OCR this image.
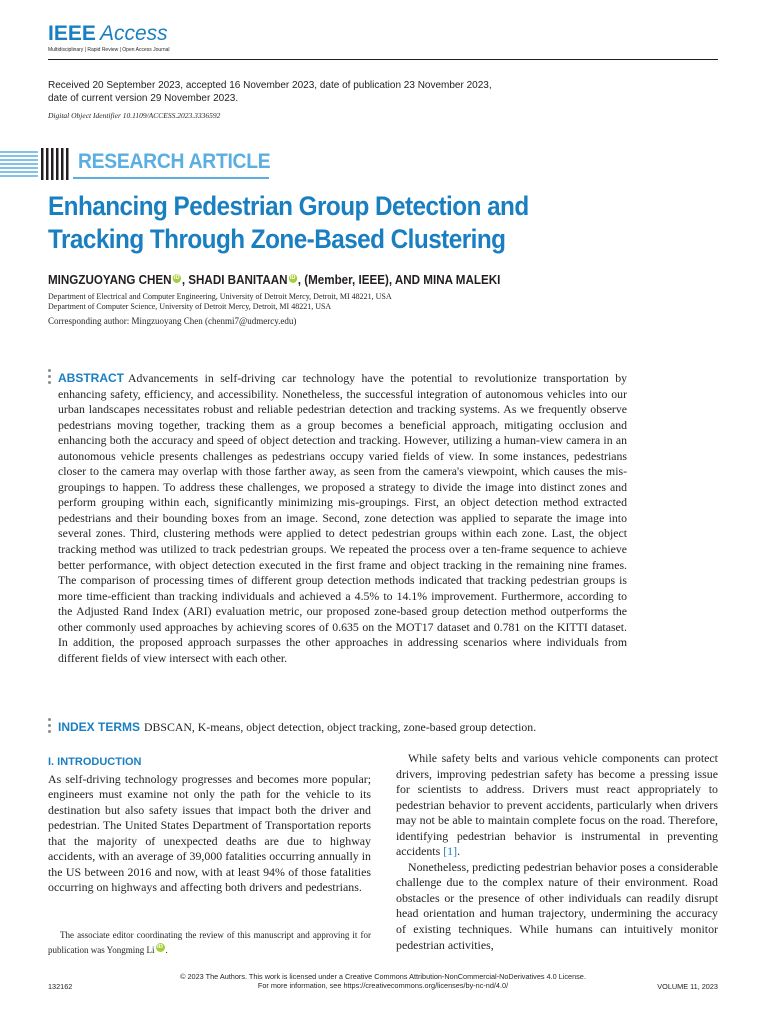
IEEE Access
Multidisciplinary | Rapid Review | Open Access Journal
Received 20 September 2023, accepted 16 November 2023, date of publication 23 November 2023,
date of current version 29 November 2023.
Digital Object Identifier 10.1109/ACCESS.2023.3336592
RESEARCH ARTICLE
Enhancing Pedestrian Group Detection and
Tracking Through Zone-Based Clustering
MINGZUOYANG CHEN iD , SHADI BANITAAN iD , (Member, IEEE), AND MINA MALEKI
Department of Electrical and Computer Engineering, University of Detroit Mercy, Detroit, MI 48221, USA
Department of Computer Science, University of Detroit Mercy, Detroit, MI 48221, USA
Corresponding author: Mingzuoyang Chen (chenmi7@udmercy.edu)
ABSTRACT Advancements in self-driving car technology have the potential to revolutionize transportation by enhancing safety, efficiency, and accessibility. Nonetheless, the successful integration of autonomous vehicles into our urban landscapes necessitates robust and reliable pedestrian detection and tracking systems. As we frequently observe pedestrians moving together, tracking them as a group becomes a beneficial approach, mitigating occlusion and enhancing both the accuracy and speed of object detection and tracking. However, utilizing a human-view camera in an autonomous vehicle presents challenges as pedestrians occupy varied fields of view. In some instances, pedestrians closer to the camera may overlap with those farther away, as seen from the camera's viewpoint, which causes the mis-groupings to happen. To address these challenges, we proposed a strategy to divide the image into distinct zones and perform grouping within each, significantly minimizing mis-groupings. First, an object detection method extracted pedestrians and their bounding boxes from an image. Second, zone detection was applied to separate the image into several zones. Third, clustering methods were applied to detect pedestrian groups within each zone. Last, the object tracking method was utilized to track pedestrian groups. We repeated the process over a ten-frame sequence to achieve better performance, with object detection executed in the first frame and object tracking in the remaining nine frames. The comparison of processing times of different group detection methods indicated that tracking pedestrian groups is more time-efficient than tracking individuals and achieved a 4.5% to 14.1% improvement. Furthermore, according to the Adjusted Rand Index (ARI) evaluation metric, our proposed zone-based group detection method outperforms the other commonly used approaches by achieving scores of 0.635 on the MOT17 dataset and 0.781 on the KITTI dataset. In addition, the proposed approach surpasses the other approaches in addressing scenarios where individuals from different fields of view intersect with each other.
INDEX TERMS DBSCAN, K-means, object detection, object tracking, zone-based group detection.
I. INTRODUCTION

As self-driving technology progresses and becomes more popular; engineers must examine not only the path for the vehicle to its destination but also safety issues that impact both the driver and pedestrian. The United States Department of Transportation reports that the majority of unexpected deaths are due to highway accidents, with an average of 39,000 fatalities occurring annually in the US between 2016 and now, with at least 94% of those fatalities occurring on highways and affecting both drivers and pedestrians.

The associate editor coordinating the review of this manuscript and approving it for publication was Yongming Li iD .

While safety belts and various vehicle components can protect drivers, improving pedestrian safety has become a pressing issue for scientists to address. Drivers must react appropriately to pedestrian behavior to prevent accidents, particularly when drivers may not be able to maintain complete focus on the road. Therefore, identifying pedestrian behavior is instrumental in preventing accidents [1].

Nonetheless, predicting pedestrian behavior poses a considerable challenge due to the complex nature of their environment. Road obstacles or the presence of other individuals can readily disrupt head orientation and human trajectory, undermining the accuracy of existing techniques. While humans can intuitively monitor pedestrian activities,

© 2023 The Authors. This work is licensed under a Creative Commons Attribution-NonCommercial-NoDerivatives 4.0 License.
For more information, see https://creativecommons.org/licenses/by-nc-nd/4.0/
132162	VOLUME 11, 2023
